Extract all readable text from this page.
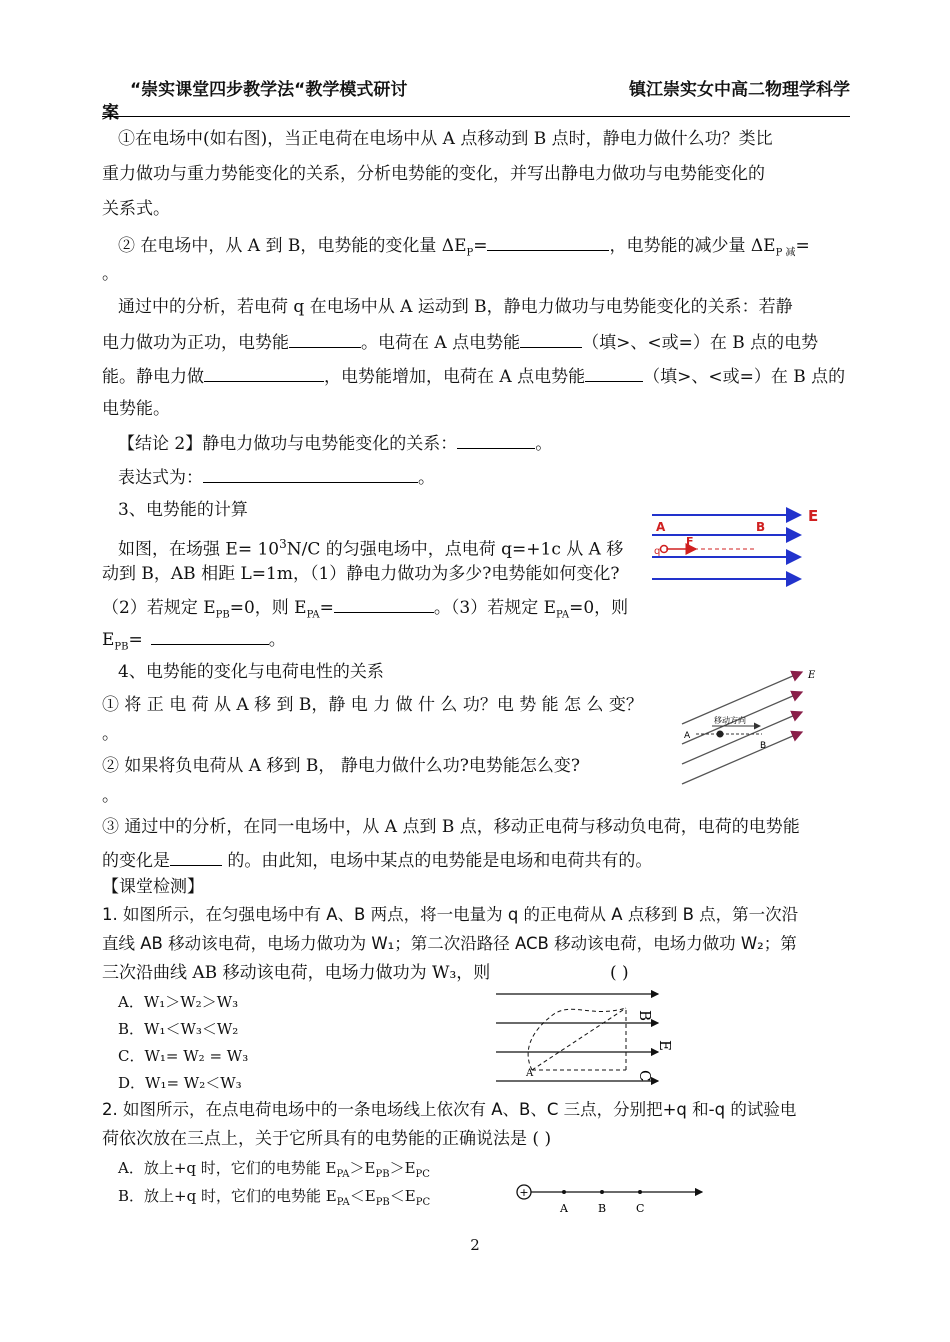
“崇实课堂四步教学法“教学模式研讨	镇江崇实女中高二物理学科学
案
①在电场中(如右图)，当正电荷在电场中从 A 点移动到 B 点时，静电力做什么功？类比
重力做功与重力势能变化的关系，分析电势能的变化，并写出静电力做功与电势能变化的
关系式。
② 在电场中，从 A 到 B，电势能的变化量 $\Delta E_P=$	，电势能的减少量 $\Delta E_{P 减}=$
。
通过中的分析，若电荷 q 在电场中从 A 运动到 B，静电力做功与电势能变化的关系：若静
电力做功为正功，电势能	。电荷在 A 点电势能	（填>、<或=）在 B 点的电势
能。静电力做	，电势能增加，电荷在 A 点电势能	（填>、<或=）在 B 点的
电势能。
【结论 2】静电力做功与电势能变化的关系：	。
表达式为：	。
3、电势能的计算
如图，在场强 $E= 10^3N/C$ 的匀强电场中，点电荷 q=+1c 从 A 移
动到 B，AB 相距 L=1m，（1）静电力做功为多少?电势能如何变化?
（2）若规定 $E_{PB}=0$，则 $E_{PA}=$	。（3）若规定 $E_{PA}=0$，则
$E_{PB}=$	。
A	B
E
F
q
4、电势能的变化与电荷电性的关系
① 将 正 电 荷 从 A 移 到 B，静 电 力 做 什 么 功？电 势 能 怎 么 变？
。
② 如果将负电荷从 A 移到 B， 静电力做什么功?电势能怎么变?
。
③ 通过中的分析，在同一电场中，从 A 点到 B 点，移动正电荷与移动负电荷，电荷的电势能
的变化是	的。由此知，电场中某点的电势能是电场和电荷共有的。
E
A
B
移动方向
【课堂检测】
1. 如图所示，在匀强电场中有 A、B 两点，将一电量为 q 的正电荷从 A 点移到 B 点，第一次沿
直线 AB 移动该电荷，电场力做功为 W₁；第二次沿路径 ACB 移动该电荷，电场力做功 W₂；第
三次沿曲线 AB 移动该电荷，电场力做功为 W₃，则	( )
A．W₁＞W₂＞W₃
B．W₁＜W₃＜W₂
C．W₁= W₂ = W₃
D．W₁= W₂＜W₃
B
E
C
A
2. 如图所示，在点电荷电场中的一条电场线上依次有 A、B、C 三点，分别把+q 和-q 的试验电
荷依次放在三点上，关于它所具有的电势能的正确说法是 ( )
A．放上+q 时，它们的电势能 $E_{PA}>E_{PB}>E_{PC}$
B．放上+q 时，它们的电势能 $E_{PA}<E_{PB}<E_{PC}$
+
A	B	C
2
